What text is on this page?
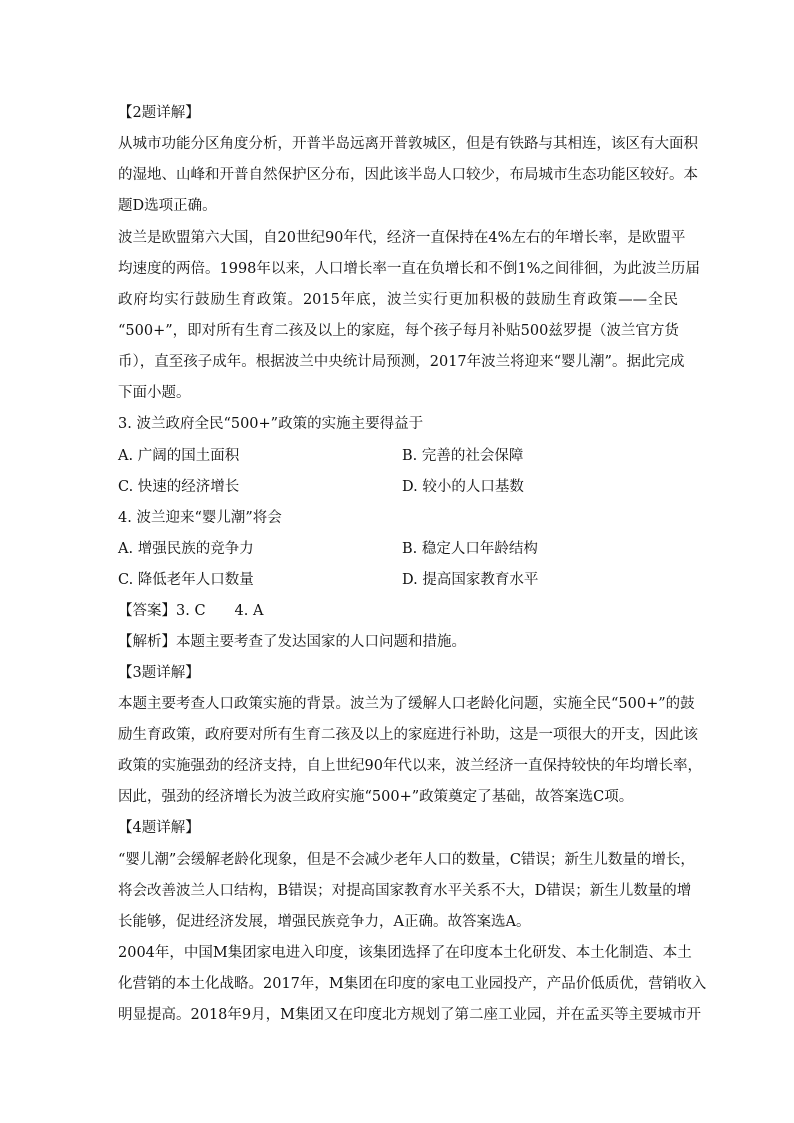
【2题详解】
从城市功能分区角度分析，开普半岛远离开普敦城区，但是有铁路与其相连，该区有大面积
的湿地、山峰和开普自然保护区分布，因此该半岛人口较少，布局城市生态功能区较好。本
题D选项正确。
波兰是欧盟第六大国，自20世纪90年代，经济一直保持在4%左右的年增长率，是欧盟平
均速度的两倍。1998年以来，人口增长率一直在负增长和不倒1%之间徘徊，为此波兰历届
政府均实行鼓励生育政策。2015年底，波兰实行更加积极的鼓励生育政策——全民
“500+”，即对所有生育二孩及以上的家庭，每个孩子每月补贴500兹罗提（波兰官方货
币），直至孩子成年。根据波兰中央统计局预测，2017年波兰将迎来“婴儿潮”。据此完成
下面小题。
3. 波兰政府全民“500+”政策的实施主要得益于
A. 广阔的国土面积	B. 完善的社会保障
C. 快速的经济增长	D. 较小的人口基数
4. 波兰迎来“婴儿潮”将会
A. 增强民族的竞争力	B. 稳定人口年龄结构
C. 降低老年人口数量	D. 提高国家教育水平
【答案】3. C　　4. A
【解析】本题主要考查了发达国家的人口问题和措施。
【3题详解】
本题主要考查人口政策实施的背景。波兰为了缓解人口老龄化问题，实施全民“500+”的鼓
励生育政策，政府要对所有生育二孩及以上的家庭进行补助，这是一项很大的开支，因此该
政策的实施强劲的经济支持，自上世纪90年代以来，波兰经济一直保持较快的年均增长率，
因此，强劲的经济增长为波兰政府实施“500+”政策奠定了基础，故答案选C项。
【4题详解】
“婴儿潮”会缓解老龄化现象，但是不会减少老年人口的数量，C错误；新生儿数量的增长，
将会改善波兰人口结构，B错误；对提高国家教育水平关系不大，D错误；新生儿数量的增
长能够，促进经济发展，增强民族竞争力，A正确。故答案选A。
2004年，中国M集团家电进入印度，该集团选择了在印度本土化研发、本土化制造、本土
化营销的本土化战略。2017年，M集团在印度的家电工业园投产，产品价低质优，营销收入
明显提高。2018年9月，M集团又在印度北方规划了第二座工业园，并在孟买等主要城市开
